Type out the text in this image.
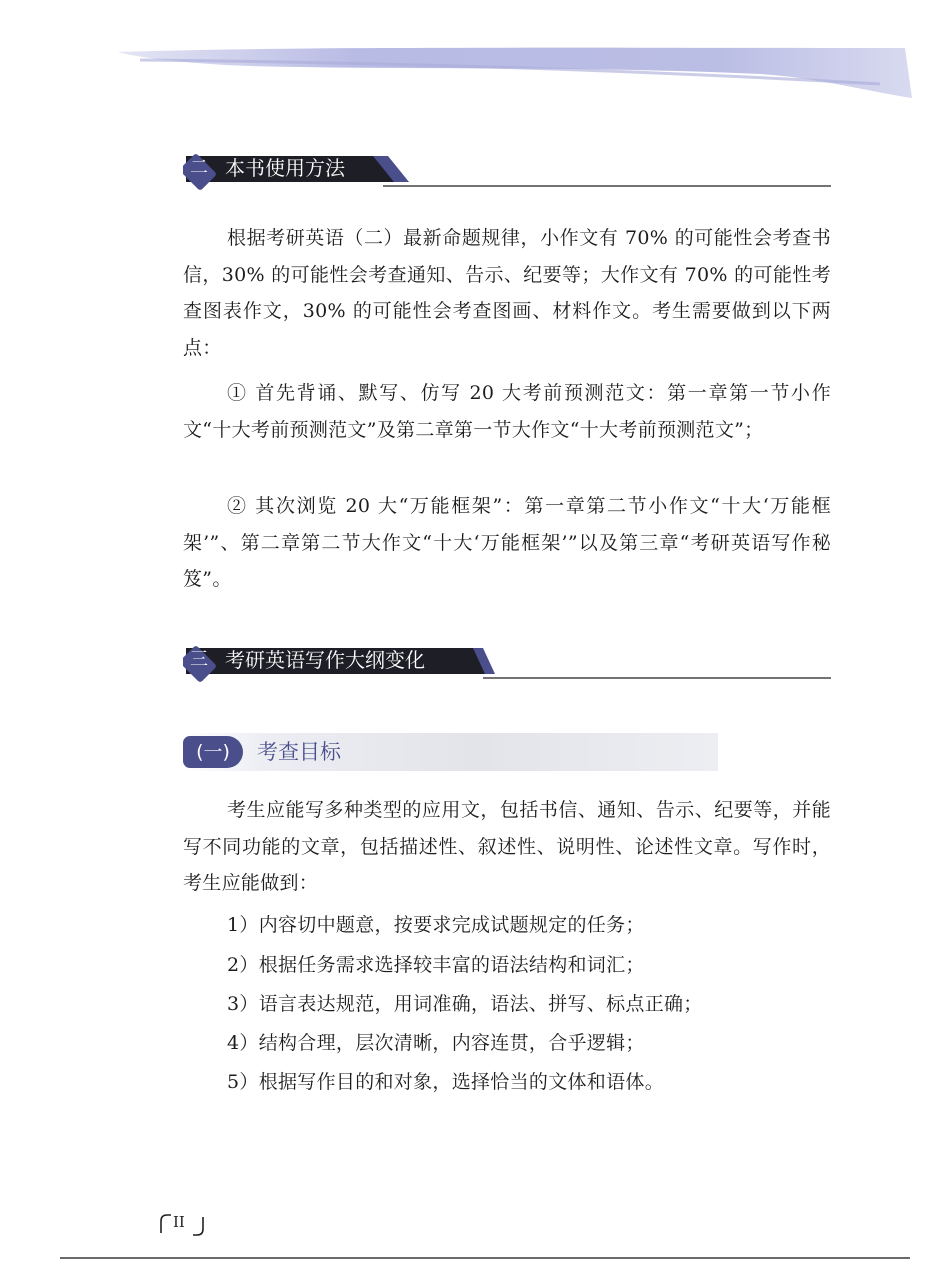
二 本书使用方法

根据考研英语（二）最新命题规律，小作文有 70% 的可能性会考查书信，30% 的可能性会考查通知、告示、纪要等；大作文有 70% 的可能性考查图表作文，30% 的可能性会考查图画、材料作文。考生需要做到以下两点：

① 首先背诵、默写、仿写 20 大考前预测范文：第一章第一节小作文“十大考前预测范文”及第二章第一节大作文“十大考前预测范文”；

② 其次浏览 20 大“万能框架”：第一章第二节小作文“十大‘万能框架’”、第二章第二节大作文“十大‘万能框架’”以及第三章“考研英语写作秘笈”。

三 考研英语写作大纲变化
(一)	考查目标

考生应能写多种类型的应用文，包括书信、通知、告示、纪要等，并能写不同功能的文章，包括描述性、叙述性、说明性、论述性文章。写作时，考生应能做到：

1）内容切中题意，按要求完成试题规定的任务；

2）根据任务需求选择较丰富的语法结构和词汇；

3）语言表达规范，用词准确，语法、拼写、标点正确；

4）结构合理，层次清晰，内容连贯，合乎逻辑；

5）根据写作目的和对象，选择恰当的文体和语体。

II
